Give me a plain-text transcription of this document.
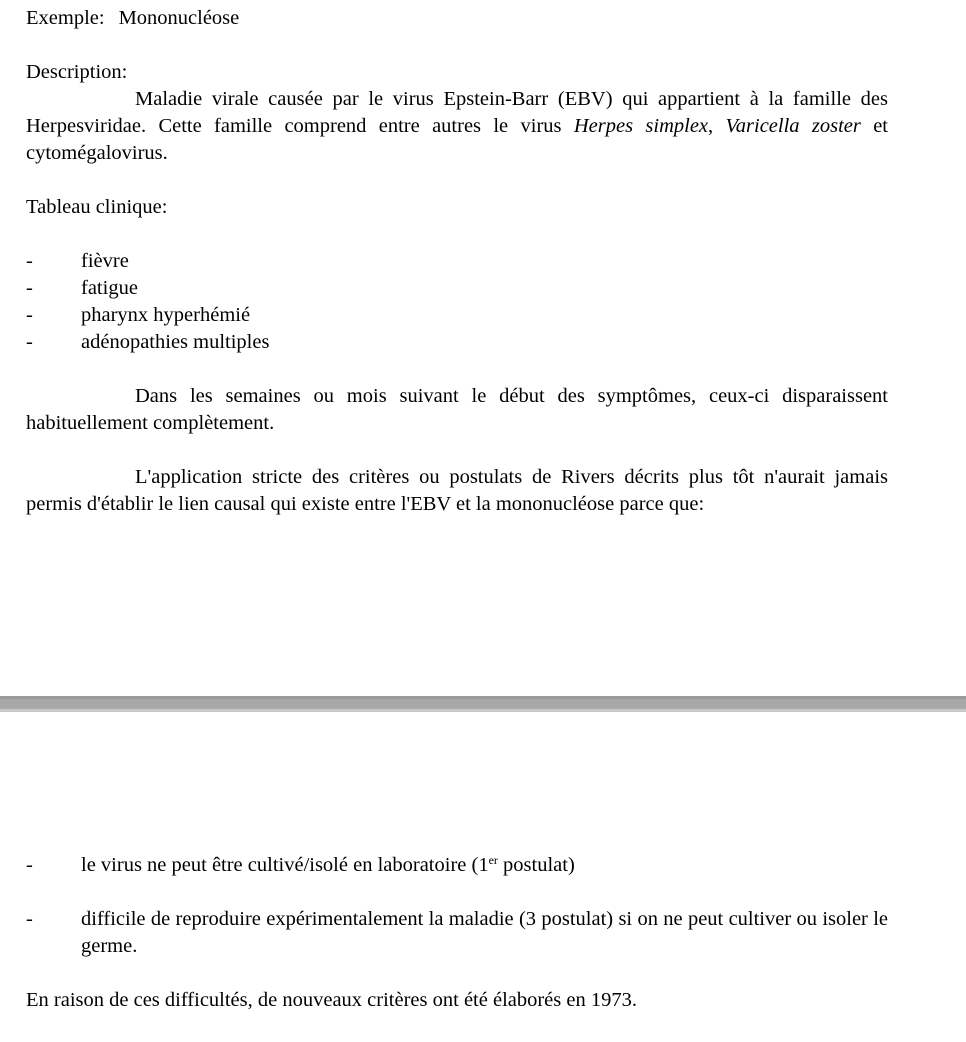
Exemple: Mononucléose

Description:

Maladie virale causée par le virus Epstein-Barr (EBV) qui appartient à la famille des Herpesviridae. Cette famille comprend entre autres le virus Herpes simplex, Varicella zoster et cytomégalovirus.

Tableau clinique:

-	fièvre
-	fatigue
-	pharynx hyperhémié
-	adénopathies multiples

Dans les semaines ou mois suivant le début des symptômes, ceux-ci disparaissent habituellement complètement.

L'application stricte des critères ou postulats de Rivers décrits plus tôt n'aurait jamais permis d'établir le lien causal qui existe entre l'EBV et la mononucléose parce que:

-	le virus ne peut être cultivé/isolé en laboratoire (1er postulat)
-	difficile de reproduire expérimentalement la maladie (3 postulat) si on ne peut cultiver ou isoler le germe.

En raison de ces difficultés, de nouveaux critères ont été élaborés en 1973.
